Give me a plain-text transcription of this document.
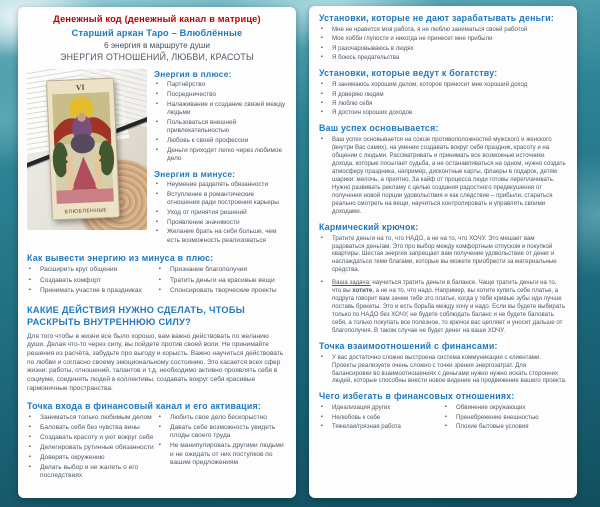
Денежный код (денежный канал в матрице)
Старший аркан Таро – Влюблённые
6 энергия в маршруте души
ЭНЕРГИЯ ОТНОШЕНИЙ, ЛЮБВИ, КРАСОТЫ
VI
ВЛЮБЛЕННЫЕ
Энергия в плюсе:
▪ Партнёрство
▪ Посредничество
▪ Налаживание и создание связей между людьми
▪ Пользоваться внешней привлекательностью
▪ Любовь к своей профессии
▪ Деньги приходят легко через любимое дело
Энергия в минусе:
▪ Неумение разделять обязанности
▪ Вступление в романтические отношения ради построения карьеры
▪ Уход от принятия решений
▪ Проявление значимости
▪ Желание брать на себя больше, чем есть возможность реализоваться
Как вывести энергию из минуса в плюс:
▪ Расширить круг общения
▪ Создавать комфорт
▪ Принимать участие в праздниках
▪ Признание благополучия
▪ Тратить деньги на красивые вещи
▪ Спонсировать творческие проекты
КАКИЕ ДЕЙСТВИЯ НУЖНО СДЕЛАТЬ, ЧТОБЫ РАСКРЫТЬ ВНУТРЕННЮЮ СИЛУ?

Для того чтобы в жизни все было хорошо, вам важно действовать по желанию души. Делая что-то через силу, вы пойдете против своей воли. Не принимайте решения из расчёта, забудьте про выгоду и корысть. Важно научиться действовать по любви и согласно своему эмоциональному состоянию. Это касается всех сфер жизни: работы, отношений, талантов и т.д. необходимо активно проявлять себя в социуме, соединять людей в коллективы, создавать вокруг себя красивые гармоничные пространства.

Точка входа в финансовый канал и его активация:
▪ Заниматься только любимым делом
▪ Баловать себя без чувства вины
▪ Создавать красоту и уют вокруг себя
▪ Делегировать рутинные обязанности
▪ Доверять окружению
▪ Делать выбор и не жалеть о его последствиях
▪ Любить свое дело бескорыстно
▪ Давать себе возможность увидеть плоды своего труда
▪ Не манипулировать другими людьми и не ожидать от них поступков по вашим предложениям
Установки, которые не дают зарабатывать деньги:
▪ Мне не нравится моя работа, я не люблю заниматься своей работой
▪ Мое хобби глупости и никогда не принесет мне прибыли
▪ Я разочаровываюсь в людях
▪ Я боюсь предательства
Установки, которые ведут к богатству:
▪ Я занимаюсь хорошим делом, которое приносит мне хороший доход
▪ Я доверяю людям
▪ Я люблю себя
▪ Я достоин хороших доходов
Ваш успех основывается:
▪ Ваш успех основывается на союзе противоположностей мужского и женского (внутри Вас самих), на умении создавать вокруг себя праздник, красоту и на общении с людьми. Рассматривать и принимать все возможные источники дохода, которые посылает судьба, а не останавливаться на одном, нужно создать атмосферу праздника, например, дисконтные карты, флаеры в подарок, детям шарики: мелочь, а приятно. За кайф от процесса люди готовы переплачивать. Нужно развивать рекламу с целью создания радостного предвкушения от получения новой порции удовольствия и как следствие – прибыли, стараться реально смотреть на вещи, научиться контролировать и управлять своими доходами.
Кармический крючок:
▪ Тратите деньги на то, что НАДО, а не на то, что ХОЧУ. Это мешает вам радоваться деньгам. Это про выбор между комфортным отпуском и покупкой квартиры. Шестая энергия запрещает вам получение удовольствие от денег и наслаждаться теми благами, которые вы можете приобрести за материальные средства.
▪ Ваша задача: научиться тратить деньги в балансе. Чаще тратить деньги на то, что вы хотите, а не на то, что надо. Например, вы хотите купить себе платье, а подруга говорит вам зачем тебе это платье, когда у тебя кривые зубы иди лучше поставь брекеты. Это и есть борьба между хочу и надо. Если вы будете выбирать только по НАДО без ХОЧУ, не будете соблюдать баланс и не будете баловать себя, а только покупать все полезное, то крючок вас цепляет и уносит дальше от благополучия. В таком случае не будет денег на ваши ХОЧУ.
Точка взаимоотношений с финансами:
▪ У вас достаточно сложно выстроена система коммуникации с клиентами. Проекты реализуете очень сложно с точки зрения энергозатрат. Для балансировки во взаимоотношениях с деньгами нужно нужно искать сторонних людей, которые способны внести новое видение на продвижение вашего проекта.
Чего избегать в финансовых отношениях:
▪ Идеализация других
▪ Нелюбовь к себе
▪ Тяжелая/грязная работа
▪ Обвинение окружающих
▪ Пренебрежение внешностью
▪ Плохие бытовые условия
